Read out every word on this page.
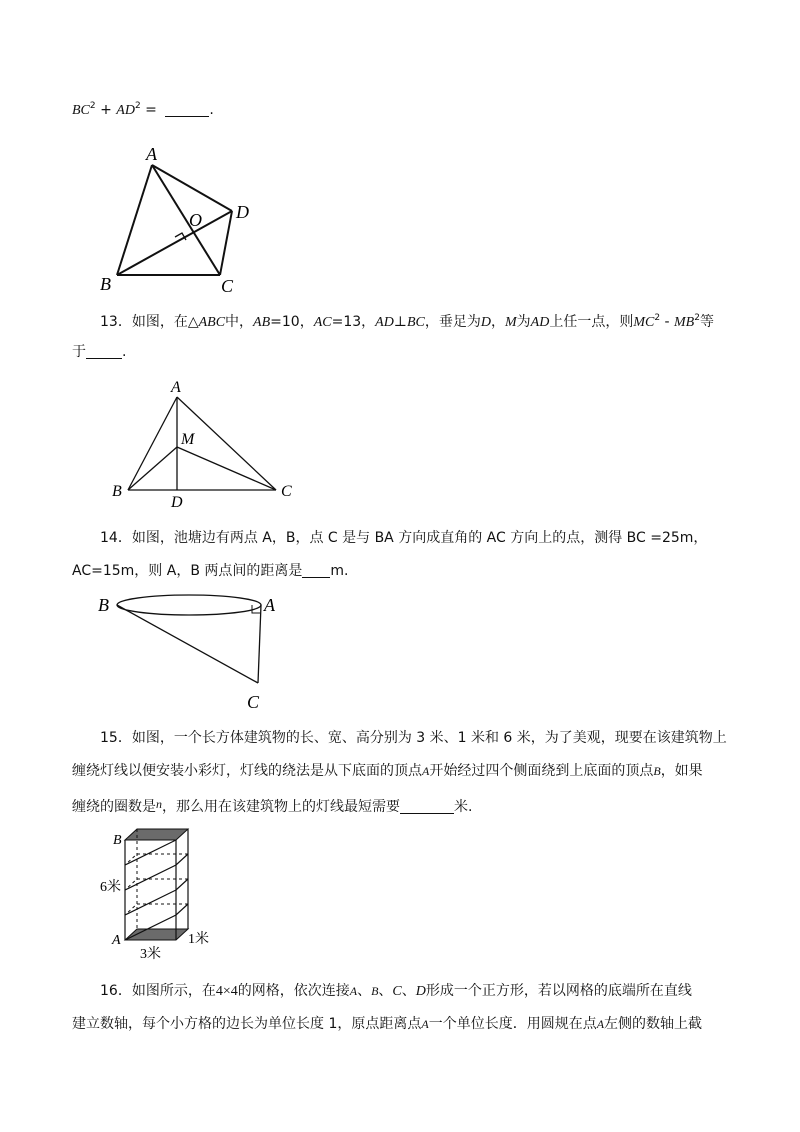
$BC^2 + AD^2$ =	.
A
O D
B	C
13．如图，在△ABC中，AB=10，AC=13，AD⊥BC，垂足为D，M为AD上任一点，则$MC^2 - MB^2$等
于	.
A
M
B
D
C
14．如图，池塘边有两点 A，B，点 C 是与 BA 方向成直角的 AC 方向上的点，测得 BC =25m，
AC=15m，则 A，B 两点间的距离是 m.
B	A
C
15．如图，一个长方体建筑物的长、宽、高分别为 3 米、1 米和 6 米，为了美观，现要在该建筑物上
缠绕灯线以便安装小彩灯，灯线的绕法是从下底面的顶点A开始经过四个侧面绕到上底面的顶点B，如果
缠绕的圈数是n，那么用在该建筑物上的灯线最短需要	米.
B
A
6米
3米
1米
16．如图所示，在4×4的网格，依次连接A、B、C、D形成一个正方形，若以网格的底端所在直线
建立数轴，每个小方格的边长为单位长度 1，原点距离点A一个单位长度．用圆规在点A左侧的数轴上截
